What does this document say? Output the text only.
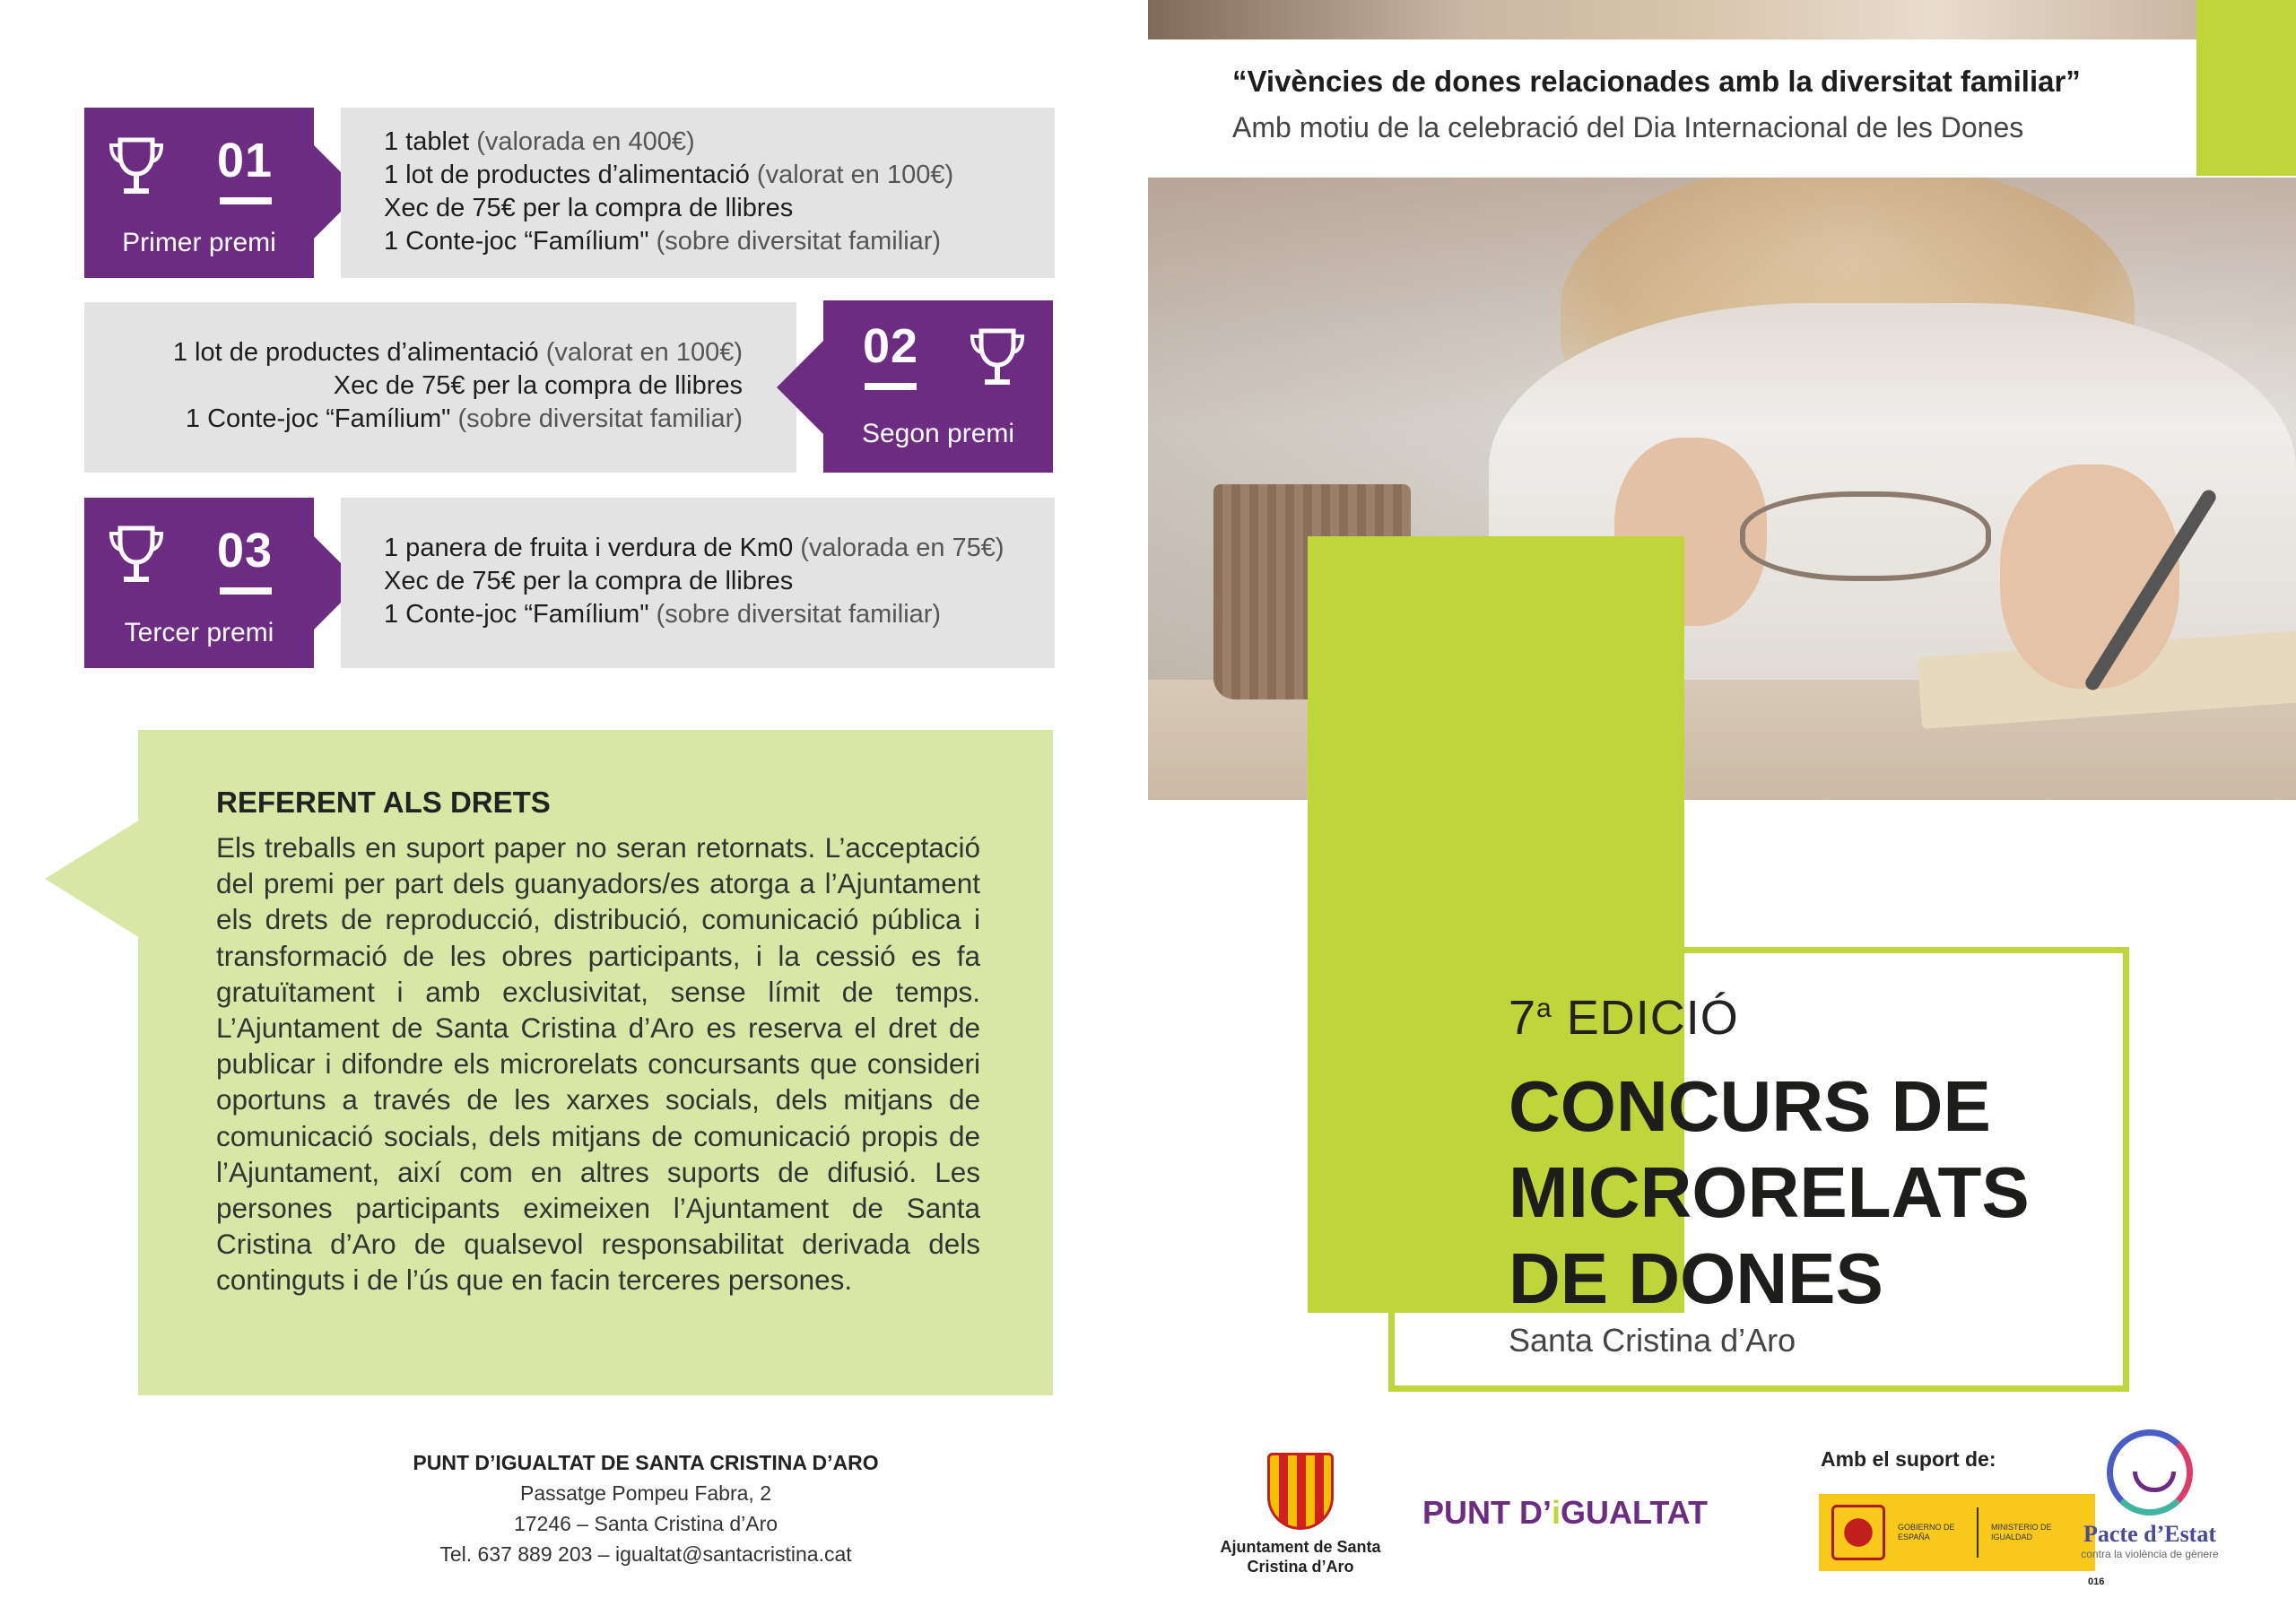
01
Primer premi
1 tablet (valorada en 400€)
1 lot de productes d’alimentació (valorat en 100€)
Xec de 75€ per la compra de llibres
1 Conte-joc “Famílium" (sobre diversitat familiar)
1 lot de productes d’alimentació (valorat en 100€)
Xec de 75€ per la compra de llibres
1 Conte-joc “Famílium" (sobre diversitat familiar)
02
Segon premi
03
Tercer premi
1 panera de fruita i verdura de Km0 (valorada en 75€)
Xec de 75€ per la compra de llibres
1 Conte-joc “Famílium" (sobre diversitat familiar)
REFERENT ALS DRETS
Els treballs en suport paper no seran retornats. L’acceptació del premi per part dels guanyadors/es atorga a l’Ajuntament els drets de reproducció, distribució, comunicació pública i transformació de les obres participants, i la cessió es fa gratuïtament i amb exclusivitat, sense límit de temps. L’Ajuntament de Santa Cristina d’Aro es reserva el dret de publicar i difondre els microrelats concursants que consideri oportuns a través de les xarxes socials, dels mitjans de comunicació socials, dels mitjans de comunicació propis de l’Ajuntament, així com en altres suports de difusió. Les persones participants eximeixen l’Ajuntament de Santa Cristina d’Aro de qualsevol responsabilitat derivada dels continguts i de l’ús que en facin terceres persones.
PUNT D’IGUALTAT DE SANTA CRISTINA D’ARO
Passatge Pompeu Fabra, 2
17246 – Santa Cristina d’Aro
Tel. 637 889 203 – igualtat@santacristina.cat
“Vivències de dones relacionades amb la diversitat familiar”
Amb motiu de la celebració del Dia Internacional de les Dones
7$^a$ EDICIÓ
CONCURS DE
MICRORELATS
DE DONES
Santa Cristina d’Aro
Ajuntament de Santa Cristina d’Aro
PUNT D’iGUALTAT
Amb el suport de:
GOBIERNO DE ESPAÑA
MINISTERIO DE IGUALDAD	Pacte d’Estat
contra la violència de gènere
016
